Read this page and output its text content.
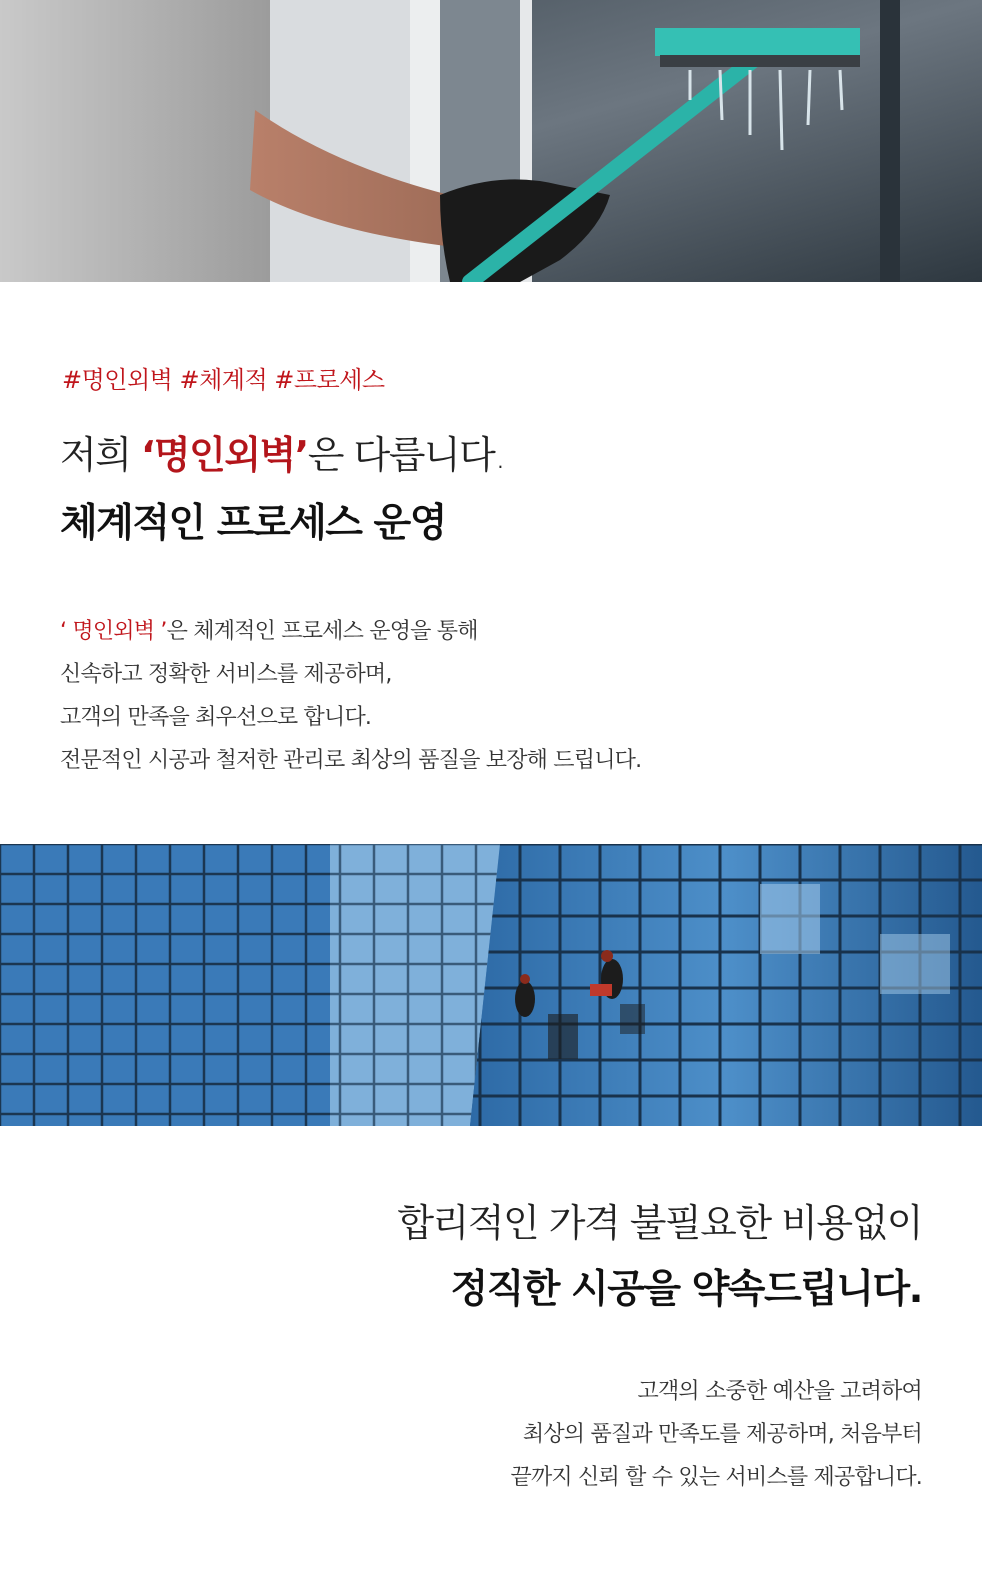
#명인외벽 #체계적 #프로세스
저희 ‘명인외벽’은 다릅니다.
체계적인 프로세스 운영

‘ 명인외벽 ’은 체계적인 프로세스 운영을 통해

신속하고 정확한 서비스를 제공하며,

고객의 만족을 최우선으로 합니다.

전문적인 시공과 철저한 관리로 최상의 품질을 보장해 드립니다.

합리적인 가격 불필요한 비용없이
정직한 시공을 약속드립니다.

고객의 소중한 예산을 고려하여

최상의 품질과 만족도를 제공하며, 처음부터

끝까지 신뢰 할 수 있는 서비스를 제공합니다.
